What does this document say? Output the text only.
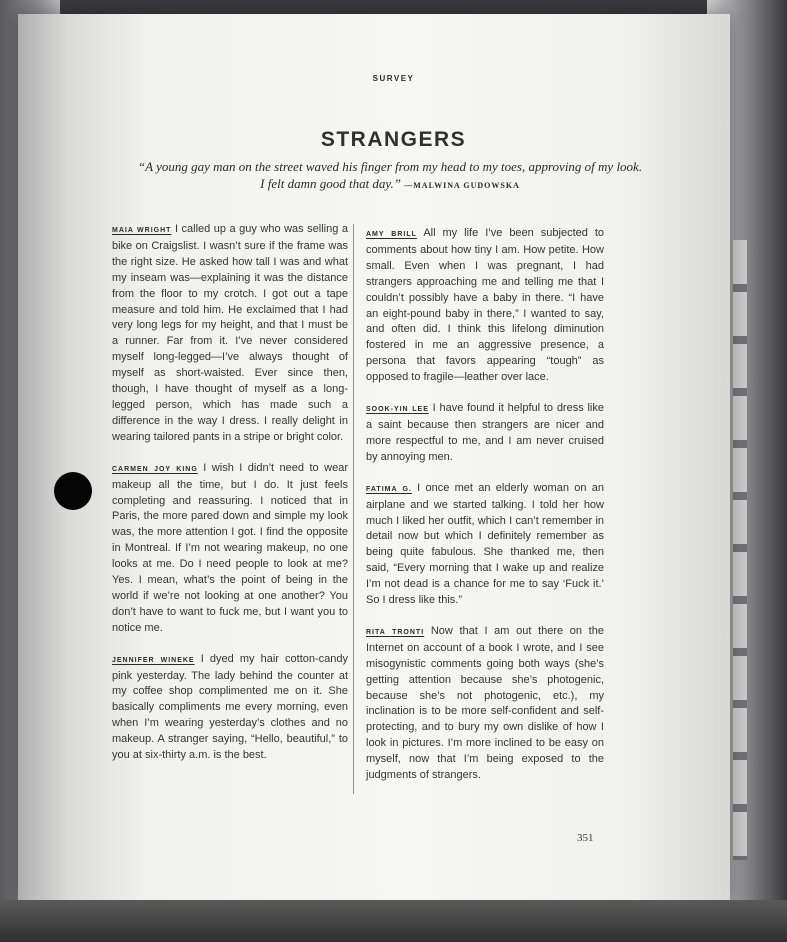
SURVEY
STRANGERS
“A young gay man on the street waved his finger from my head to my toes, approving of my look. I felt damn good that day.” —MALWINA GUDOWSKA

MAIA WRIGHT I called up a guy who was selling a bike on Craigslist. I wasn’t sure if the frame was the right size. He asked how tall I was and what my inseam was—explaining it was the distance from the floor to my crotch. I got out a tape measure and told him. He exclaimed that I had very long legs for my height, and that I must be a runner. Far from it. I’ve never considered myself long-legged—I’ve always thought of myself as short-waisted. Ever since then, though, I have thought of myself as a long-legged person, which has made such a difference in the way I dress. I really delight in wearing tailored pants in a stripe or bright color.

CARMEN JOY KING I wish I didn’t need to wear makeup all the time, but I do. It just feels completing and reassuring. I noticed that in Paris, the more pared down and simple my look was, the more attention I got. I find the opposite in Montreal. If I’m not wearing makeup, no one looks at me. Do I need people to look at me? Yes. I mean, what’s the point of being in the world if we’re not looking at one another? You don’t have to want to fuck me, but I want you to notice me.

JENNIFER WINEKE I dyed my hair cotton-candy pink yesterday. The lady behind the counter at my coffee shop complimented me on it. She basically compliments me every morning, even when I’m wearing yesterday’s clothes and no makeup. A stranger saying, “Hello, beautiful,” to you at six-thirty a.m. is the best.

AMY BRILL All my life I’ve been subjected to comments about how tiny I am. How petite. How small. Even when I was pregnant, I had strangers approaching me and telling me that I couldn’t possibly have a baby in there. “I have an eight-pound baby in there,” I wanted to say, and often did. I think this lifelong diminution fostered in me an aggressive presence, a persona that favors appearing “tough” as opposed to fragile—leather over lace.

SOOK-YIN LEE I have found it helpful to dress like a saint because then strangers are nicer and more respectful to me, and I am never cruised by annoying men.

FATIMA G. I once met an elderly woman on an airplane and we started talking. I told her how much I liked her outfit, which I can’t remember in detail now but which I definitely remember as being quite fabulous. She thanked me, then said, “Every morning that I wake up and realize I’m not dead is a chance for me to say ‘Fuck it.’ So I dress like this.”

RITA TRONTI Now that I am out there on the Internet on account of a book I wrote, and I see misogynistic comments going both ways (she’s getting attention because she’s photogenic, because she’s not photogenic, etc.), my inclination is to be more self-confident and self-protecting, and to bury my own dislike of how I look in pictures. I’m more inclined to be easy on myself, now that I’m being exposed to the judgments of strangers.

351
